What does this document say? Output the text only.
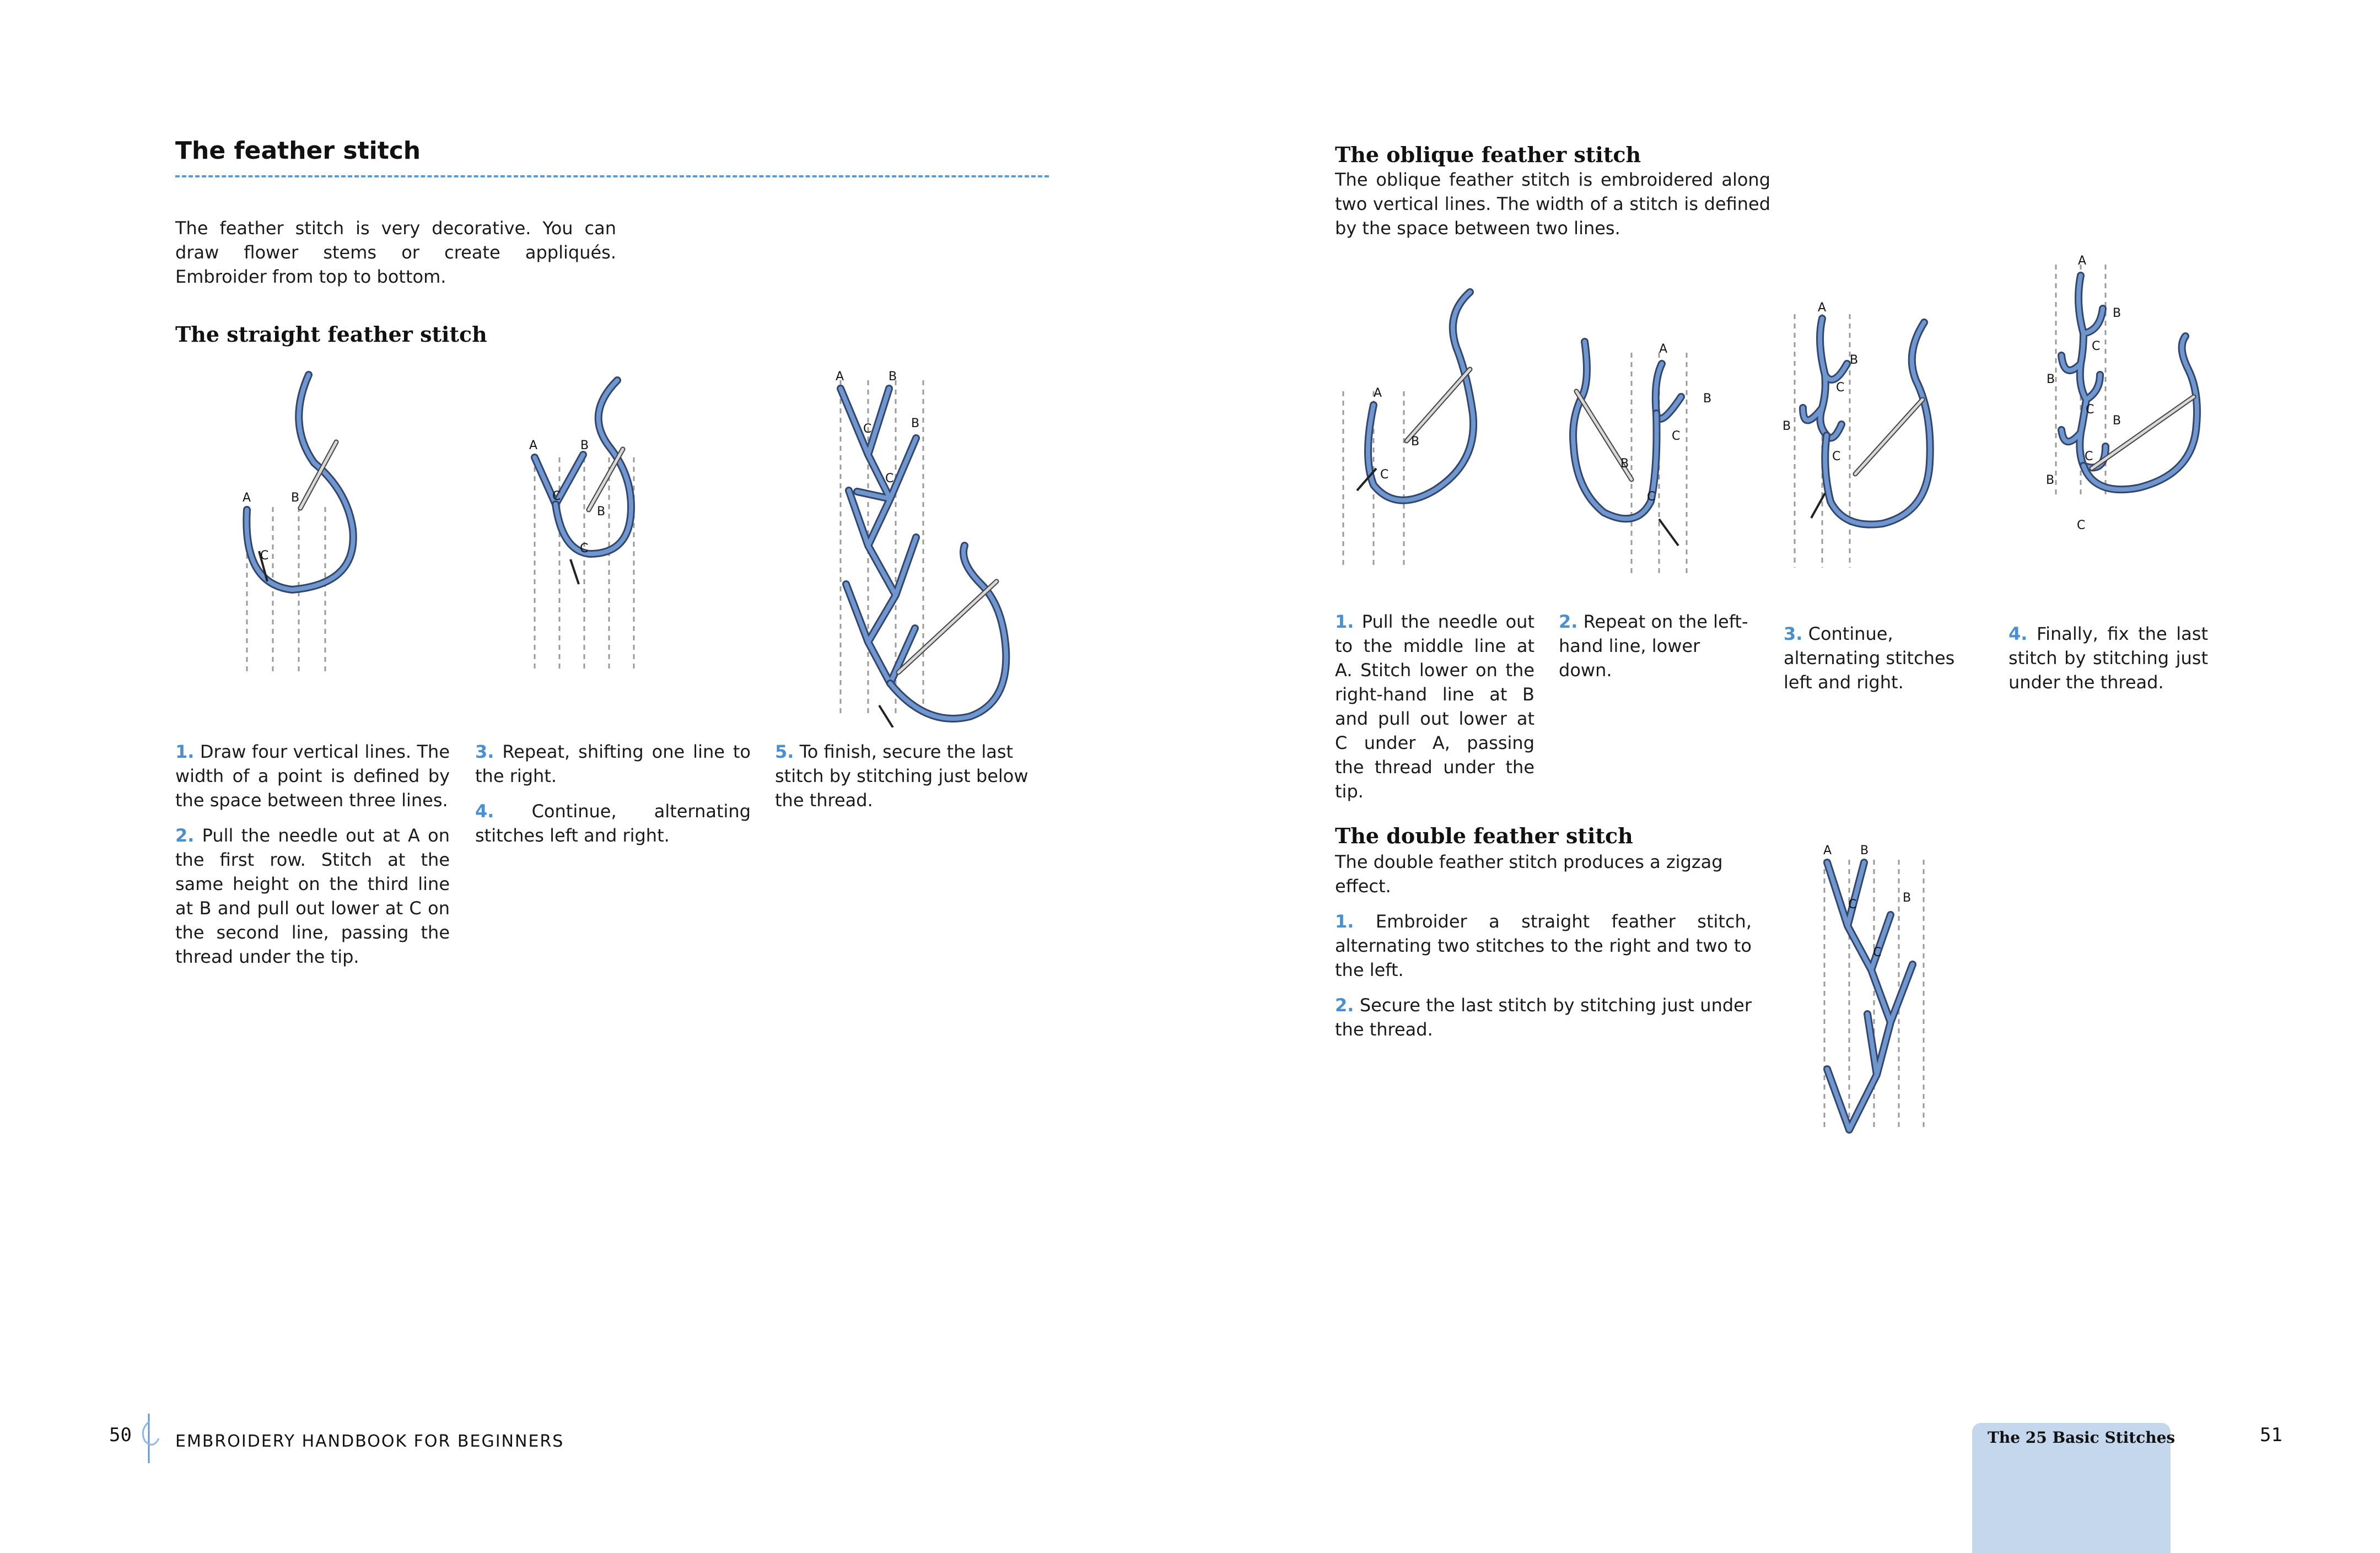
The feather stitch
The feather stitch is very decorative. You can draw flower stems or create appliqués. Embroider from top to bottom.
The straight feather stitch
A	B
C
A	B
C
B
C
A	B
C	B
C

1. Draw four vertical lines. The width of a point is defined by the space between three lines.

2. Pull the needle out at A on the first row. Stitch at the same height on the third line at B and pull out lower at C on the second line, passing the thread under the tip.

3. Repeat, shifting one line to the right.

4. Continue, alternating stitches left and right.

5. To finish, secure the last stitch by stitching just below the thread.

50	EMBROIDERY HANDBOOK FOR BEGINNERS
The oblique feather stitch
The oblique feather stitch is embroidered along two vertical lines. The width of a stitch is defined by the space between two lines.
A
B
C
A
B
C
B
C
A
B
C
B
C
A
B
C
B
C
B
C
B
C
1. Pull the needle out to the middle line at A. Stitch lower on the right-hand line at B and pull out lower at C under A, passing the thread under the tip.
2. Repeat on the left-hand line, lower down.
3. Continue, alternating stitches left and right.
4. Finally, fix the last stitch by stitching just under the thread.
The double feather stitch
The double feather stitch produces a zigzag effect.

1. Embroider a straight feather stitch, alternating two stitches to the right and two to the left.

2. Secure the last stitch by stitching just under the thread.

A B
C	B
C
The 25 Basic Stitches	51
